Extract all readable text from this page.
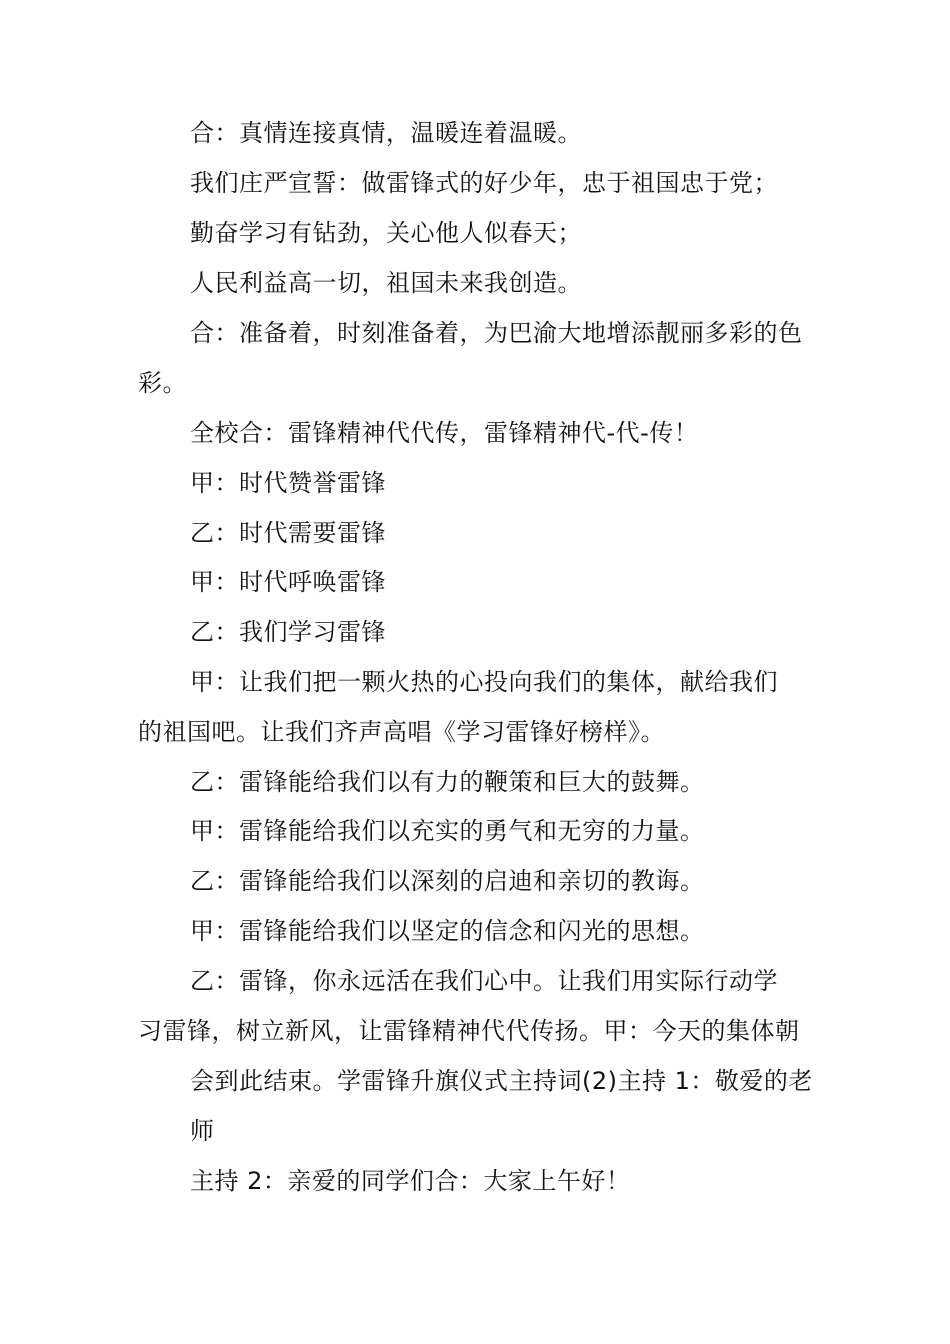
合：真情连接真情，温暖连着温暖。
我们庄严宣誓：做雷锋式的好少年，忠于祖国忠于党；
勤奋学习有钻劲，关心他人似春天；
人民利益高一切，祖国未来我创造。
合：准备着，时刻准备着，为巴渝大地增添靓丽多彩的色
彩。
全校合：雷锋精神代代传，雷锋精神代-代-传！
甲：时代赞誉雷锋
乙：时代需要雷锋
甲：时代呼唤雷锋
乙：我们学习雷锋
甲：让我们把一颗火热的心投向我们的集体，献给我们
的祖国吧。让我们齐声高唱《学习雷锋好榜样》。
乙：雷锋能给我们以有力的鞭策和巨大的鼓舞。
甲：雷锋能给我们以充实的勇气和无穷的力量。
乙：雷锋能给我们以深刻的启迪和亲切的教诲。
甲：雷锋能给我们以坚定的信念和闪光的思想。
乙：雷锋，你永远活在我们心中。让我们用实际行动学
习雷锋，树立新风，让雷锋精神代代传扬。甲：今天的集体朝
会到此结束。学雷锋升旗仪式主持词(2)主持 1：敬爱的老
师
主持 2：亲爱的同学们合：大家上午好！
